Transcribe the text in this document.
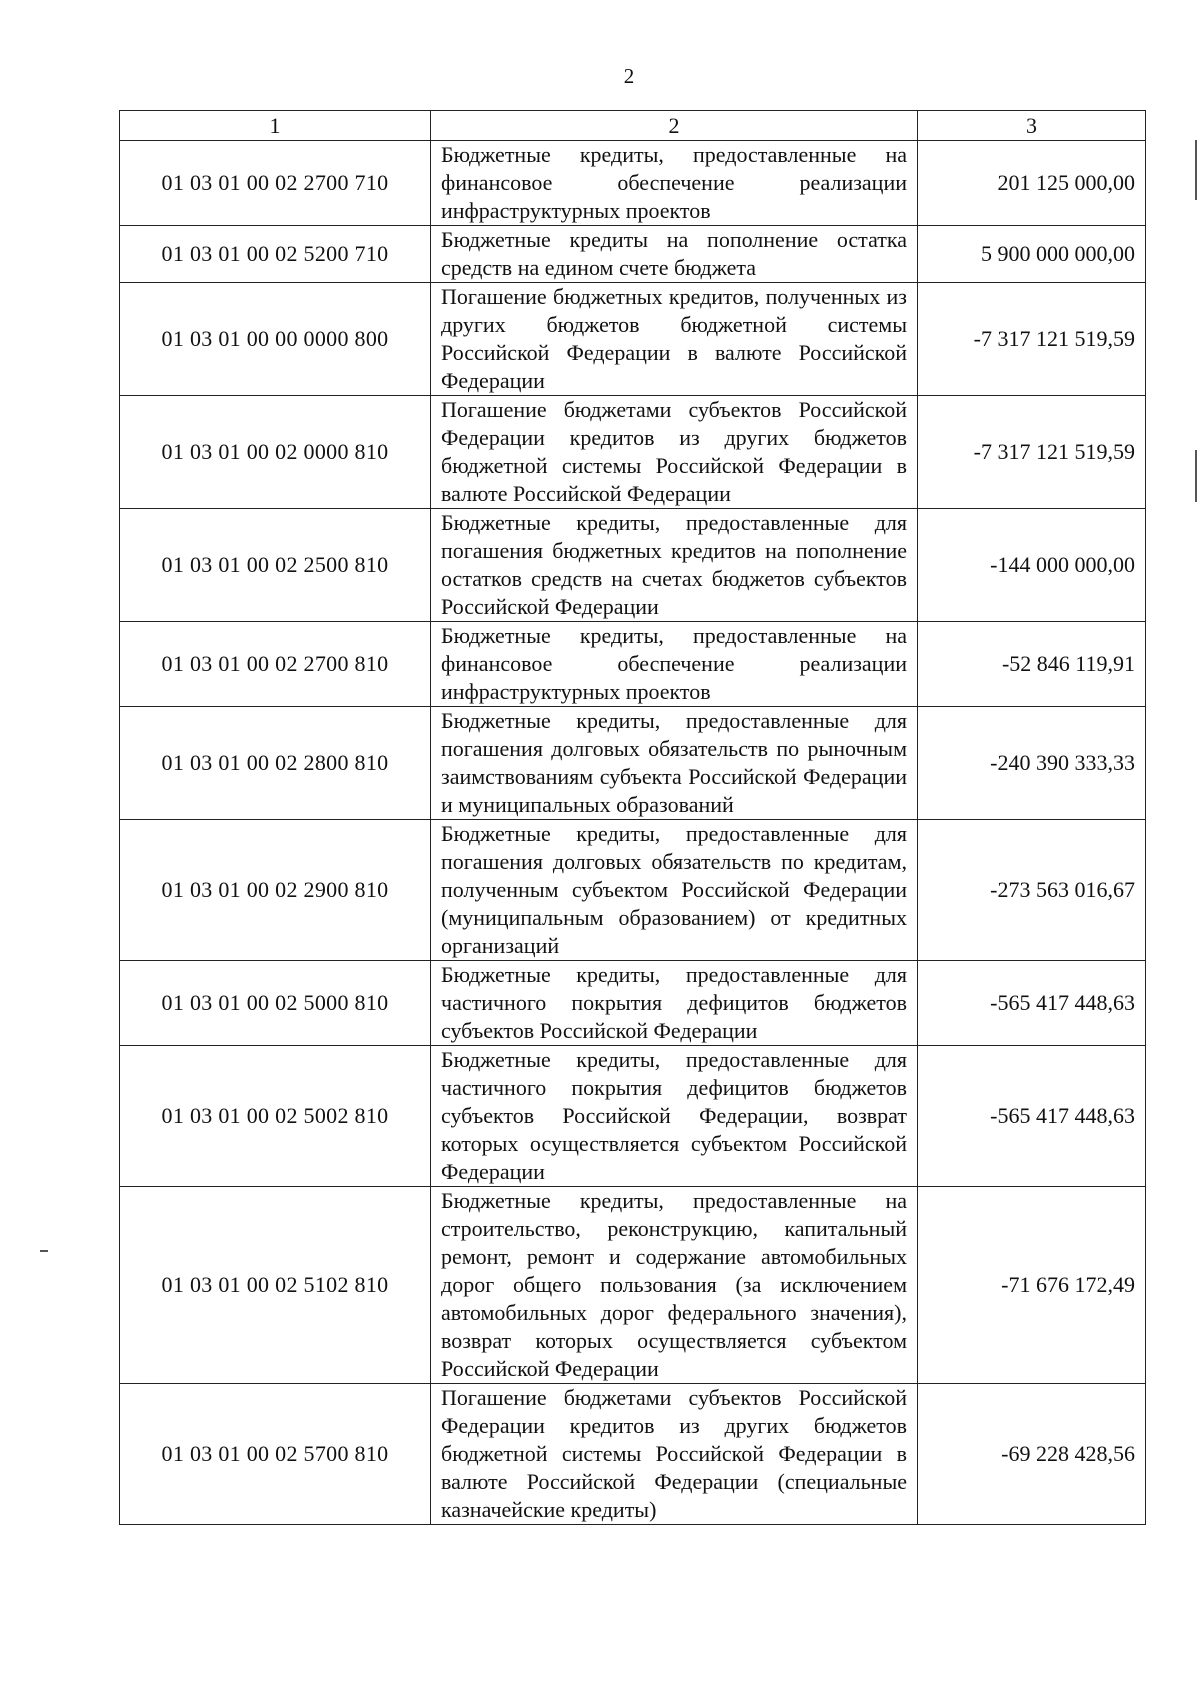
2
1	2	3
01 03 01 00 02 2700 710	Бюджетные кредиты, предоставленные на финансовое обеспечение реализации инфраструктурных проектов	201 125 000,00
01 03 01 00 02 5200 710	Бюджетные кредиты на пополнение остатка средств на едином счете бюджета	5 900 000 000,00
01 03 01 00 00 0000 800	Погашение бюджетных кредитов, полученных из других бюджетов бюджетной системы Российской Федерации в валюте Российской Федерации	-7 317 121 519,59
01 03 01 00 02 0000 810	Погашение бюджетами субъектов Российской Федерации кредитов из других бюджетов бюджетной системы Российской Федерации в валюте Российской Федерации	-7 317 121 519,59
01 03 01 00 02 2500 810	Бюджетные кредиты, предоставленные для погашения бюджетных кредитов на пополнение остатков средств на счетах бюджетов субъектов Российской Федерации	-144 000 000,00
01 03 01 00 02 2700 810	Бюджетные кредиты, предоставленные на финансовое обеспечение реализации инфраструктурных проектов	-52 846 119,91
01 03 01 00 02 2800 810	Бюджетные кредиты, предоставленные для погашения долговых обязательств по рыночным заимствованиям субъекта Российской Федерации и муниципальных образований	-240 390 333,33
01 03 01 00 02 2900 810	Бюджетные кредиты, предоставленные для погашения долговых обязательств по кредитам, полученным субъектом Российской Федерации (муниципальным образованием) от кредитных организаций	-273 563 016,67
01 03 01 00 02 5000 810	Бюджетные кредиты, предоставленные для частичного покрытия дефицитов бюджетов субъектов Российской Федерации	-565 417 448,63
01 03 01 00 02 5002 810	Бюджетные кредиты, предоставленные для частичного покрытия дефицитов бюджетов субъектов Российской Федерации, возврат которых осуществляется субъектом Российской Федерации	-565 417 448,63
01 03 01 00 02 5102 810	Бюджетные кредиты, предоставленные на строительство, реконструкцию, капитальный ремонт, ремонт и содержание автомобильных дорог общего пользования (за исключением автомобильных дорог федерального значения), возврат которых осуществляется субъектом Российской Федерации	-71 676 172,49
01 03 01 00 02 5700 810	Погашение бюджетами субъектов Российской Федерации кредитов из других бюджетов бюджетной системы Российской Федерации в валюте Российской Федерации (специальные казначейские кредиты)	-69 228 428,56
